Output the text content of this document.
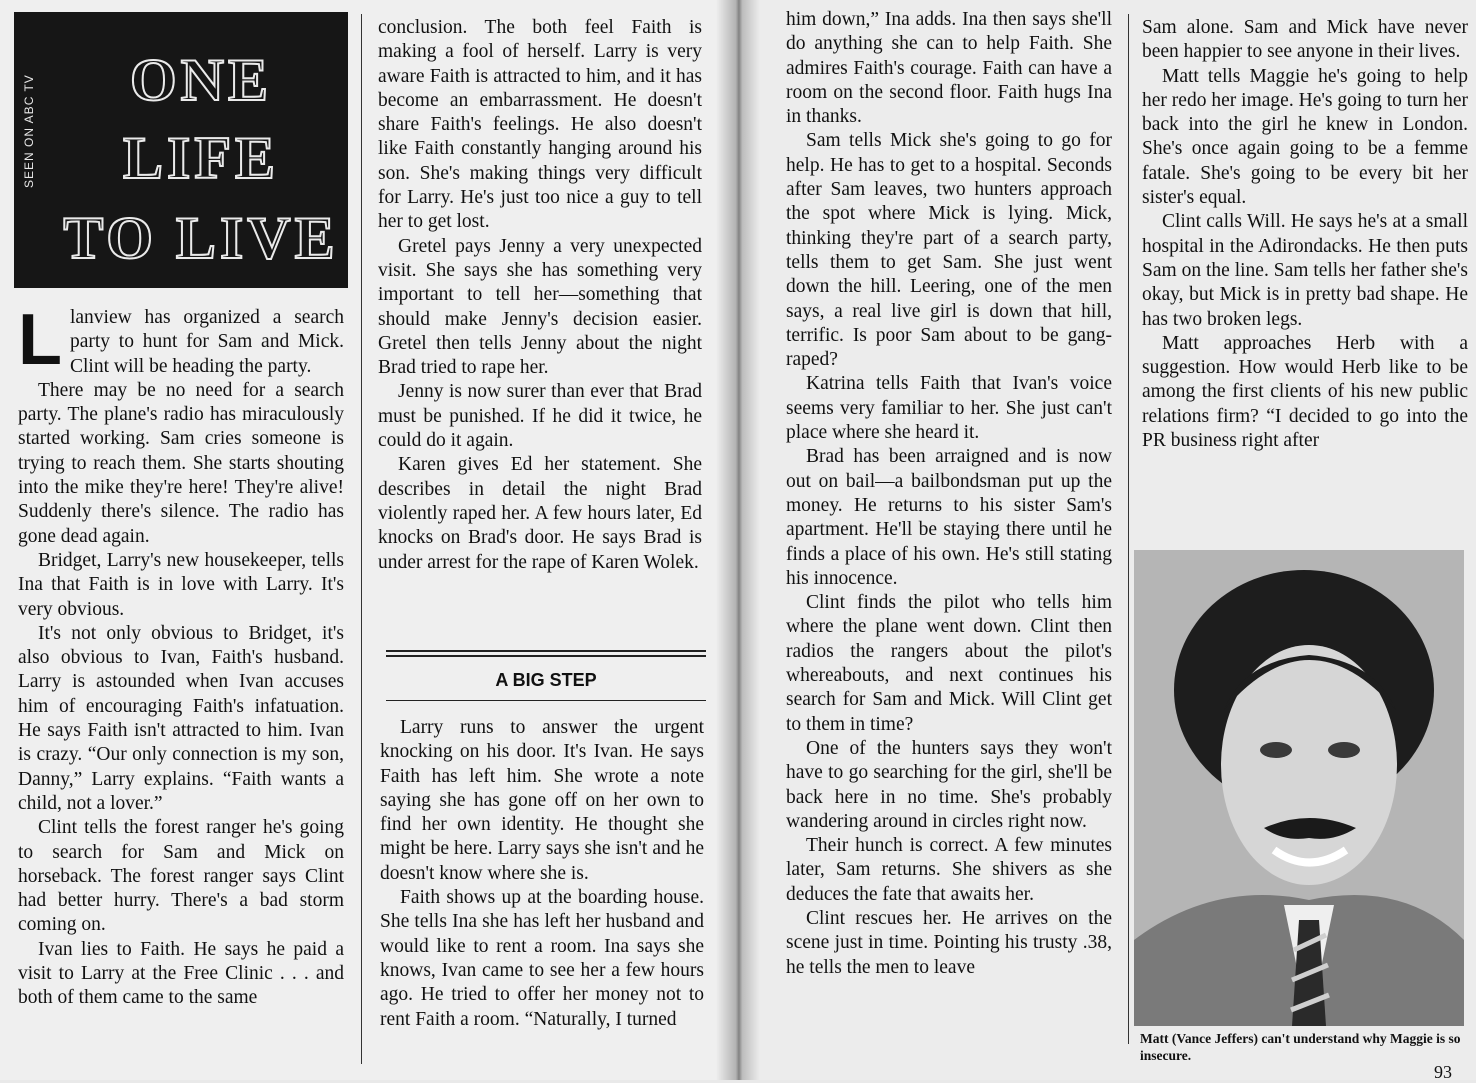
SEEN ON ABC TV	ONE
LIFE
TO LIVE

Llanview has organized a search party to hunt for Sam and Mick. Clint will be heading the party.

There may be no need for a search party. The plane's radio has miraculously started working. Sam cries someone is trying to reach them. She starts shouting into the mike they're here! They're alive! Suddenly there's silence. The radio has gone dead again.

Bridget, Larry's new housekeeper, tells Ina that Faith is in love with Larry. It's very obvious.

It's not only obvious to Bridget, it's also obvious to Ivan, Faith's husband. Larry is astounded when Ivan accuses him of encouraging Faith's infatuation. He says Faith isn't attracted to him. Ivan is crazy. “Our only connection is my son, Danny,” Larry explains. “Faith wants a child, not a lover.”

Clint tells the forest ranger he's going to search for Sam and Mick on horseback. The forest ranger says Clint had better hurry. There's a bad storm coming on.

Ivan lies to Faith. He says he paid a visit to Larry at the Free Clinic . . . and both of them came to the same

conclusion. The both feel Faith is making a fool of herself. Larry is very aware Faith is attracted to him, and it has become an embarrassment. He doesn't share Faith's feelings. He also doesn't like Faith constantly hanging around his son. She's making things very difficult for Larry. He's just too nice a guy to tell her to get lost.

Gretel pays Jenny a very unexpected visit. She says she has something very important to tell her—something that should make Jenny's decision easier. Gretel then tells Jenny about the night Brad tried to rape her.

Jenny is now surer than ever that Brad must be punished. If he did it twice, he could do it again.

Karen gives Ed her statement. She describes in detail the night Brad violently raped her. A few hours later, Ed knocks on Brad's door. He says Brad is under arrest for the rape of Karen Wolek.

A BIG STEP

Larry runs to answer the urgent knocking on his door. It's Ivan. He says Faith has left him. She wrote a note saying she has gone off on her own to find her own identity. He thought she might be here. Larry says she isn't and he doesn't know where she is.

Faith shows up at the boarding house. She tells Ina she has left her husband and would like to rent a room. Ina says she knows, Ivan came to see her a few hours ago. He tried to offer her money not to rent Faith a room. “Naturally, I turned

him down,” Ina adds. Ina then says she'll do anything she can to help Faith. She admires Faith's courage. Faith can have a room on the second floor. Faith hugs Ina in thanks.

Sam tells Mick she's going to go for help. He has to get to a hospital. Seconds after Sam leaves, two hunters approach the spot where Mick is lying. Mick, thinking they're part of a search party, tells them to get Sam. She just went down the hill. Leering, one of the men says, a real live girl is down that hill, terrific. Is poor Sam about to be gang-raped?

Katrina tells Faith that Ivan's voice seems very familiar to her. She just can't place where she heard it.

Brad has been arraigned and is now out on bail—a bailbondsman put up the money. He returns to his sister Sam's apartment. He'll be staying there until he finds a place of his own. He's still stating his innocence.

Clint finds the pilot who tells him where the plane went down. Clint then radios the rangers about the pilot's whereabouts, and next continues his search for Sam and Mick. Will Clint get to them in time?

One of the hunters says they won't have to go searching for the girl, she'll be back here in no time. She's probably wandering around in circles right now.

Their hunch is correct. A few minutes later, Sam returns. She shivers as she deduces the fate that awaits her.

Clint rescues her. He arrives on the scene just in time. Pointing his trusty .38, he tells the men to leave

Sam alone. Sam and Mick have never been happier to see anyone in their lives.

Matt tells Maggie he's going to help her redo her image. He's going to turn her back into the girl he knew in London. She's once again going to be a femme fatale. She's going to be every bit her sister's equal.

Clint calls Will. He says he's at a small hospital in the Adirondacks. He then puts Sam on the line. Sam tells her father she's okay, but Mick is in pretty bad shape. He has two broken legs.

Matt approaches Herb with a suggestion. How would Herb like to be among the first clients of his new public relations firm? “I decided to go into the PR business right after

Matt (Vance Jeffers) can't understand why Maggie is so insecure.
93
